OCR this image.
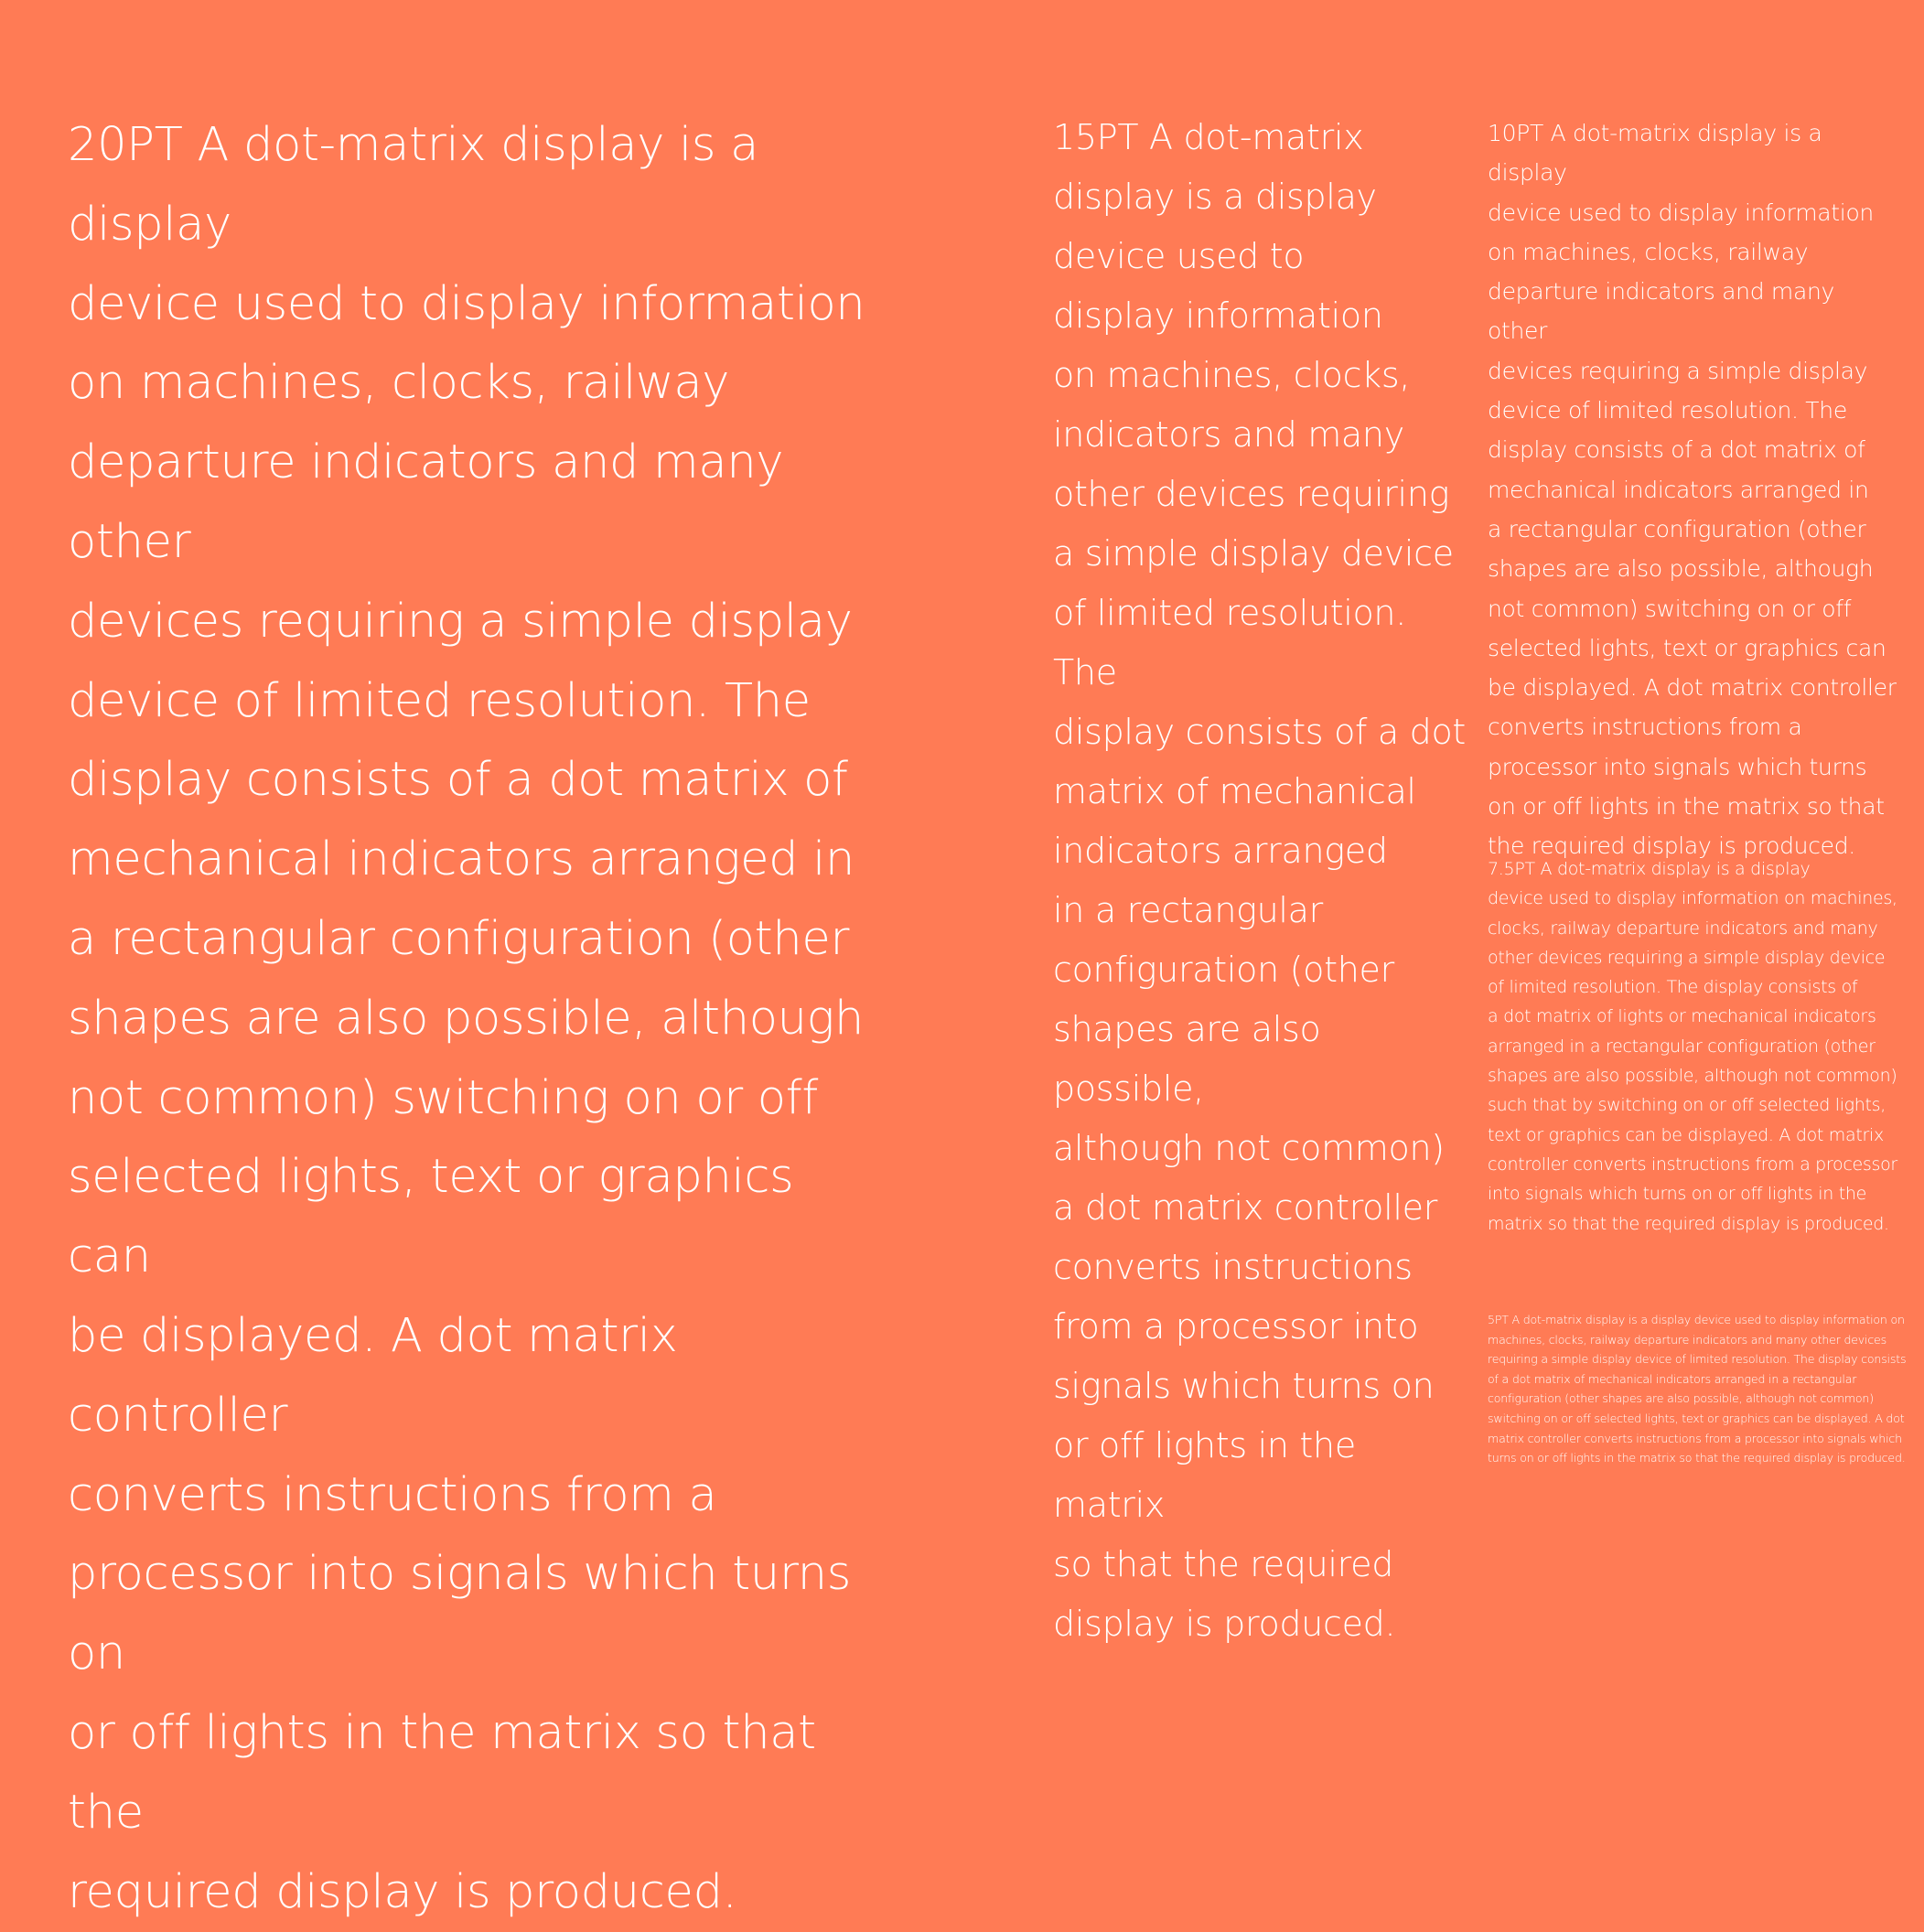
20PT A dot-matrix display is a display
device used to display information
on machines, clocks, railway
departure indicators and many other
devices requiring a simple display
device of limited resolution. The
display consists of a dot matrix of
mechanical indicators arranged in
a rectangular configuration (other
shapes are also possible, although
not common) switching on or off
selected lights, text or graphics can
be displayed. A dot matrix controller
converts instructions from a
processor into signals which turns on
or off lights in the matrix so that the
required display is produced.

15PT A dot-matrix
display is a display
device used to
display information
on machines, clocks,
indicators and many
other devices requiring
a simple display device
of limited resolution. The
display consists of a dot
matrix of mechanical
indicators arranged
in a rectangular
configuration (other
shapes are also possible,
although not common)
a dot matrix controller
converts instructions
from a processor into
signals which turns on
or off lights in the matrix
so that the required
display is produced.

10PT A dot-matrix display is a display
device used to display information
on machines, clocks, railway
departure indicators and many other
devices requiring a simple display
device of limited resolution. The
display consists of a dot matrix of
mechanical indicators arranged in
a rectangular configuration (other
shapes are also possible, although
not common) switching on or off
selected lights, text or graphics can
be displayed. A dot matrix controller
converts instructions from a
processor into signals which turns
on or off lights in the matrix so that
the required display is produced.

7.5PT A dot-matrix display is a display
device used to display information on machines,
clocks, railway departure indicators and many
other devices requiring a simple display device
of limited resolution. The display consists of
a dot matrix of lights or mechanical indicators
arranged in a rectangular configuration (other
shapes are also possible, although not common)
such that by switching on or off selected lights,
text or graphics can be displayed. A dot matrix
controller converts instructions from a processor
into signals which turns on or off lights in the
matrix so that the required display is produced.

5PT A dot-matrix display is a display device used to display information on
machines, clocks, railway departure indicators and many other devices
requiring a simple display device of limited resolution. The display consists
of a dot matrix of mechanical indicators arranged in a rectangular
configuration (other shapes are also possible, although not common)
switching on or off selected lights, text or graphics can be displayed. A dot
matrix controller converts instructions from a processor into signals which
turns on or off lights in the matrix so that the required display is produced.
